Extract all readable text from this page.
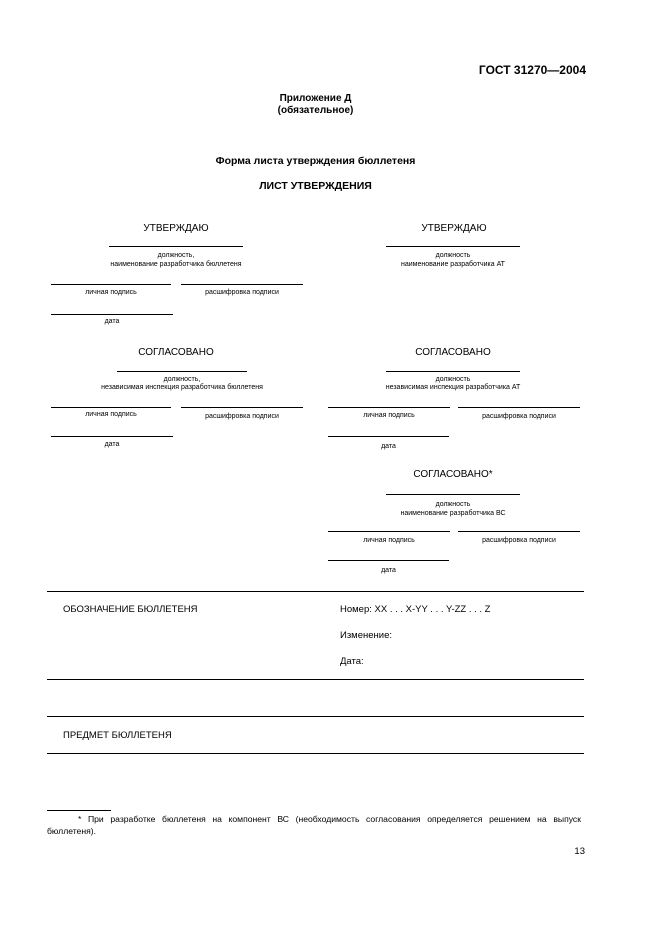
ГОСТ 31270—2004
Приложение Д
(обязательное)
Форма листа утверждения бюллетеня
ЛИСТ УТВЕРЖДЕНИЯ
УТВЕРЖДАЮ
должность,
наименование разработчика бюллетеня
личная подпись	расшифровка подписи
дата
УТВЕРЖДАЮ
должность
наименование разработчика АТ
СОГЛАСОВАНО
должность,
независимая инспекция разработчика бюллетеня
личная подпись	расшифровка подписи
дата
СОГЛАСОВАНО
должность
независимая инспекция разработчика АТ
личная подпись	расшифровка подписи
дата
СОГЛАСОВАНО*
должность
наименование разработчика ВС
личная подпись	расшифровка подписи
дата
ОБОЗНАЧЕНИЕ БЮЛЛЕТЕНЯ	Номер: XX . . . X-YY . . . Y-ZZ . . . Z
Изменение:
Дата:
ПРЕДМЕТ БЮЛЛЕТЕНЯ
* При разработке бюллетеня на компонент ВС (необходимость согласования определяется решением на выпуск бюллетеня).
13
